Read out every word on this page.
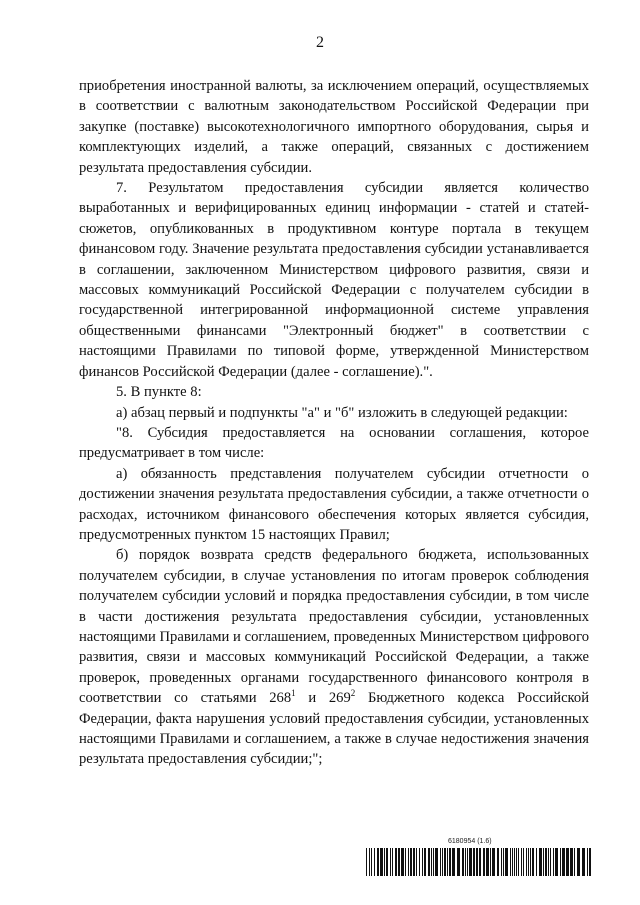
2

приобретения иностранной валюты, за исключением операций, осуществляемых в соответствии с валютным законодательством Российской Федерации при закупке (поставке) высокотехнологичного импортного оборудования, сырья и комплектующих изделий, а также операций, связанных с достижением результата предоставления субсидии.

7. Результатом предоставления субсидии является количество выработанных и верифицированных единиц информации - статей и статей-сюжетов, опубликованных в продуктивном контуре портала в текущем финансовом году. Значение результата предоставления субсидии устанавливается в соглашении, заключенном Министерством цифрового развития, связи и массовых коммуникаций Российской Федерации с получателем субсидии в государственной интегрированной информационной системе управления общественными финансами "Электронный бюджет" в соответствии с настоящими Правилами по типовой форме, утвержденной Министерством финансов Российской Федерации (далее - соглашение).".

5. В пункте 8:

а) абзац первый и подпункты "а" и "б" изложить в следующей редакции:

"8. Субсидия предоставляется на основании соглашения, которое предусматривает в том числе:

а) обязанность представления получателем субсидии отчетности о достижении значения результата предоставления субсидии, а также отчетности о расходах, источником финансового обеспечения которых является субсидия, предусмотренных пунктом 15 настоящих Правил;

б) порядок возврата средств федерального бюджета, использованных получателем субсидии, в случае установления по итогам проверок соблюдения получателем субсидии условий и порядка предоставления субсидии, в том числе в части достижения результата предоставления субсидии, установленных настоящими Правилами и соглашением, проведенных Министерством цифрового развития, связи и массовых коммуникаций Российской Федерации, а также проверок, проведенных органами государственного финансового контроля в соответствии со статьями $268^1$ и $269^2$ Бюджетного кодекса Российской Федерации, факта нарушения условий предоставления субсидии, установленных настоящими Правилами и соглашением, а также в случае недостижения значения результата предоставления субсидии;";

6180954 (1.6)
